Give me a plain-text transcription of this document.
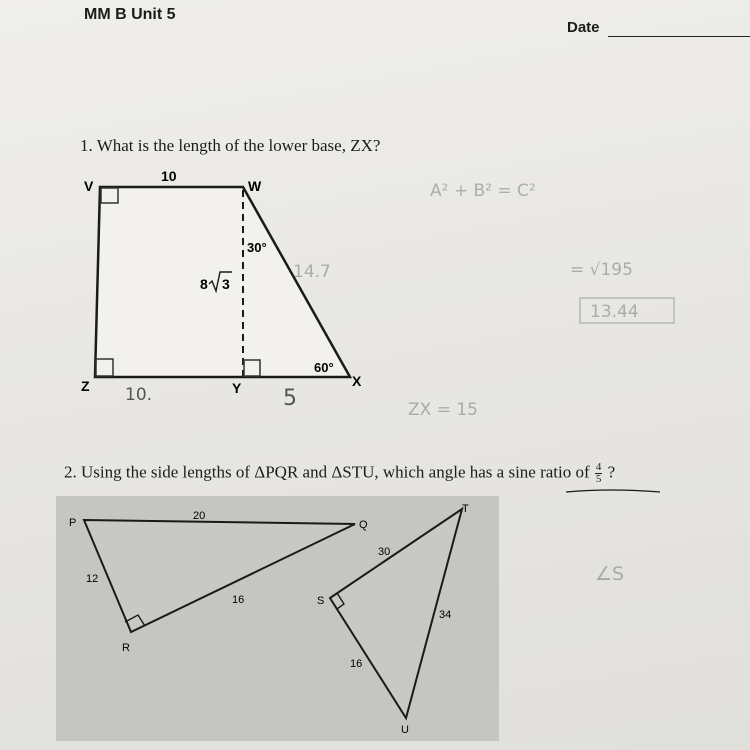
MM B Unit 5
Date
1. What is the length of the lower base, ZX?
2. Using the side lengths of ΔPQR and ΔSTU, which angle has a sine ratio of $\frac{4}{5}$ ?
10
V	W
Z	Y	X
30°
60°
8 3
10.	5
14.7
A² + B² = C²
= √195
13.44
ZX = 15
P	Q
R
20
12
16	S
T
U
30
34
16
∠S
